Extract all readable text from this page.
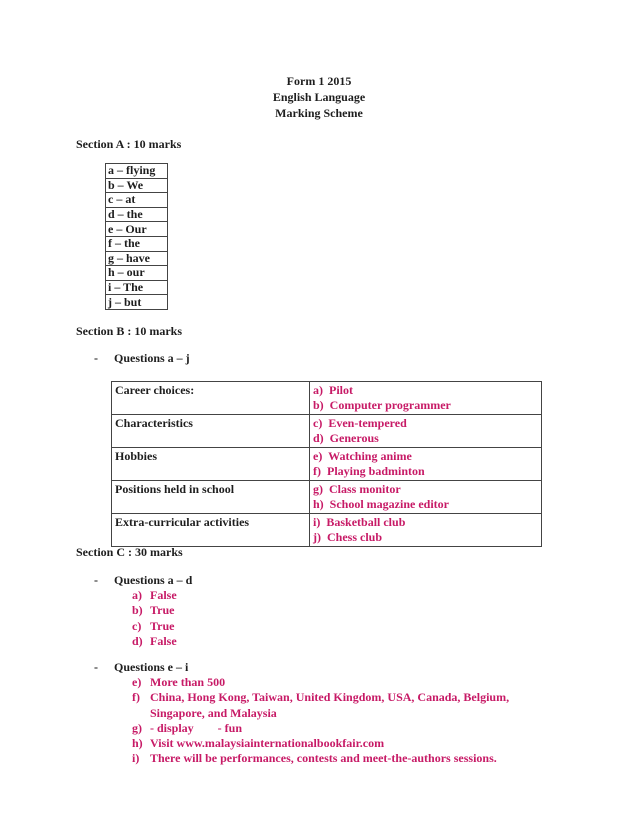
Form 1 2015
English Language
Marking Scheme
Section A : 10 marks
a – flying
b – We
c – at
d – the
e – Our
f – the
g – have
h – our
i – The
j – but
Section B : 10 marks
- Questions a – j
Career choices:	a) Pilot
b) Computer programmer

Characteristics	c) Even-tempered
d) Generous

Hobbies	e) Watching anime
f) Playing badminton

Positions held in school	g) Class monitor
h) School magazine editor

Extra-curricular activities	i) Basketball club
j) Chess club
Section C : 30 marks
- Questions a – d
a) False
b) True
c) True
d) False
- Questions e – i
e) More than 500
f) China, Hong Kong, Taiwan, United Kingdom, USA, Canada, Belgium, Singapore, and Malaysia
g) - display        - fun
h) Visit www.malaysiainternationalbookfair.com
i) There will be performances, contests and meet-the-authors sessions.
